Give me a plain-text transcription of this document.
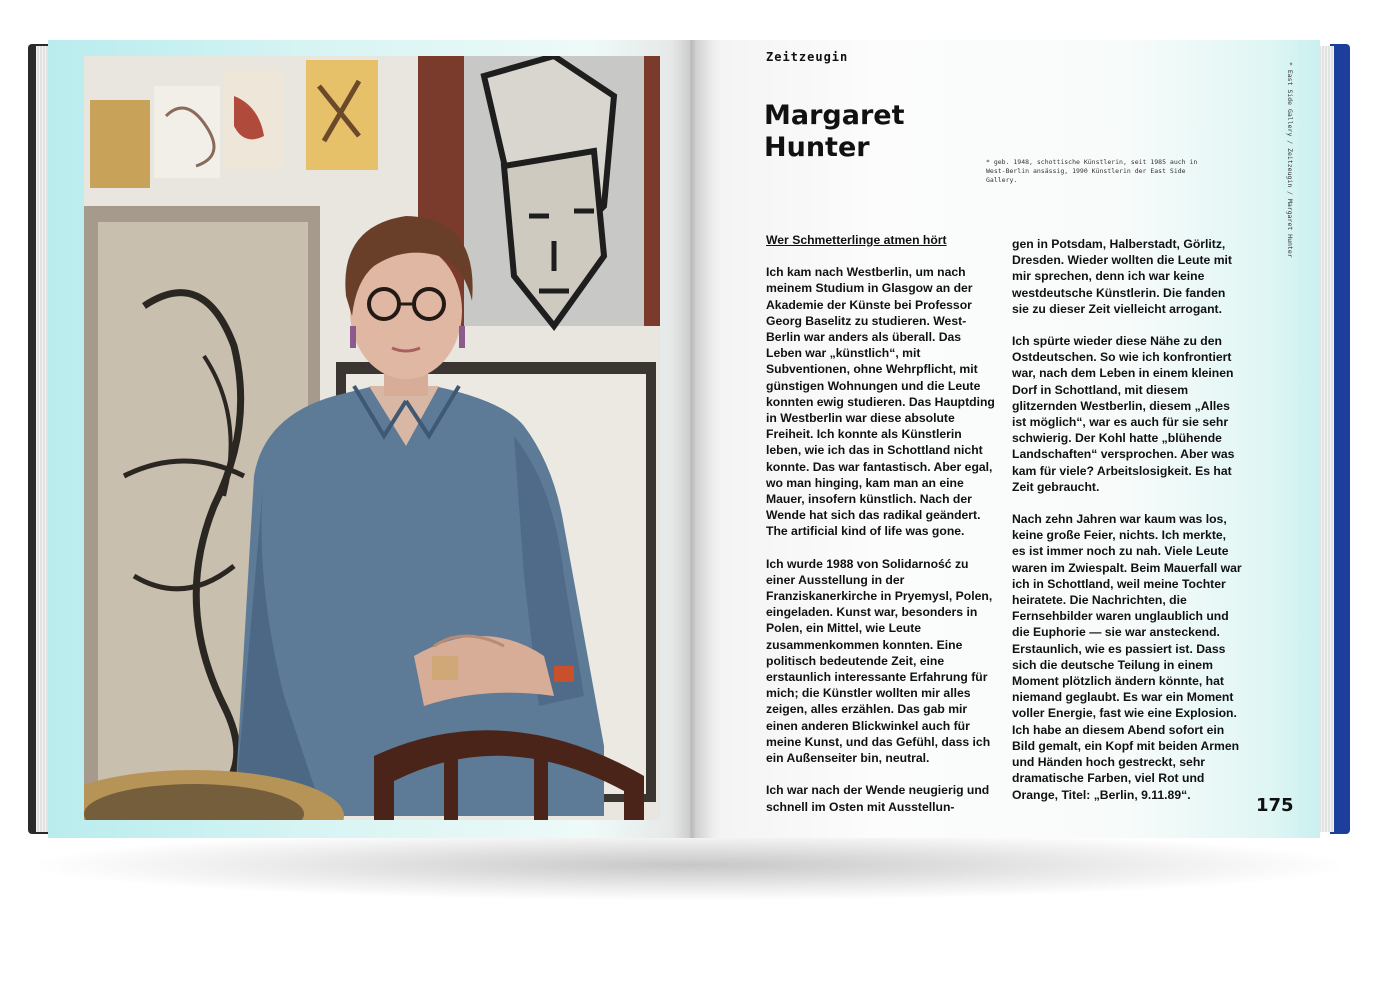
Zeitzeugin
Margaret
Hunter	* geb. 1948, schottische Künstlerin, seit 1985 auch in West-Berlin ansässig, 1990 Künstlerin der East Side Gallery.	* East Side Gallery / Zeitzeugin / Margaret Hunter

Wer Schmetterlinge atmen hört

Ich kam nach Westberlin, um nach meinem Studium in Glasgow an der Akademie der Künste bei Professor Georg Baselitz zu studieren. West-Berlin war anders als überall. Das Leben war „künstlich“, mit Subventionen, ohne Wehrpflicht, mit günstigen Wohnungen und die Leute konnten ewig studieren. Das Hauptding in Westberlin war diese absolute Freiheit. Ich konnte als Künstlerin leben, wie ich das in Schottland nicht konnte. Das war fantastisch. Aber egal, wo man hinging, kam man an eine Mauer, insofern künstlich. Nach der Wende hat sich das radikal geändert. The artificial kind of life was gone.

Ich wurde 1988 von Solidarność zu einer Ausstellung in der Franziskanerkirche in Pryemysl, Polen, eingeladen. Kunst war, besonders in Polen, ein Mittel, wie Leute zusammenkommen konnten. Eine politisch bedeutende Zeit, eine erstaunlich interessante Erfahrung für mich; die Künstler wollten mir alles zeigen, alles erzählen. Das gab mir einen anderen Blickwinkel auch für meine Kunst, und das Gefühl, dass ich ein Außenseiter bin, neutral.

Ich war nach der Wende neugierig und schnell im Osten mit Ausstellun-

gen in Potsdam, Halberstadt, Görlitz, Dresden. Wieder wollten die Leute mit mir sprechen, denn ich war keine westdeutsche Künstlerin. Die fanden sie zu dieser Zeit vielleicht arrogant.

Ich spürte wieder diese Nähe zu den Ostdeutschen. So wie ich konfrontiert war, nach dem Leben in einem kleinen Dorf in Schottland, mit diesem glitzernden Westberlin, diesem „Alles ist möglich“, war es auch für sie sehr schwierig. Der Kohl hatte „blühende Landschaften“ versprochen. Aber was kam für viele? Arbeitslosigkeit. Es hat Zeit gebraucht.

Nach zehn Jahren war kaum was los, keine große Feier, nichts. Ich merkte, es ist immer noch zu nah. Viele Leute waren im Zwiespalt. Beim Mauerfall war ich in Schottland, weil meine Tochter heiratete. Die Nachrichten, die Fernsehbilder waren unglaublich und die Euphorie — sie war ansteckend. Erstaunlich, wie es passiert ist. Dass sich die deutsche Teilung in einem Moment plötzlich ändern könnte, hat niemand geglaubt. Es war ein Moment voller Energie, fast wie eine Explosion. Ich habe an diesem Abend sofort ein Bild gemalt, ein Kopf mit beiden Armen und Händen hoch gestreckt, sehr dramatische Farben, viel Rot und Orange, Titel: „Berlin, 9.11.89“.

175
